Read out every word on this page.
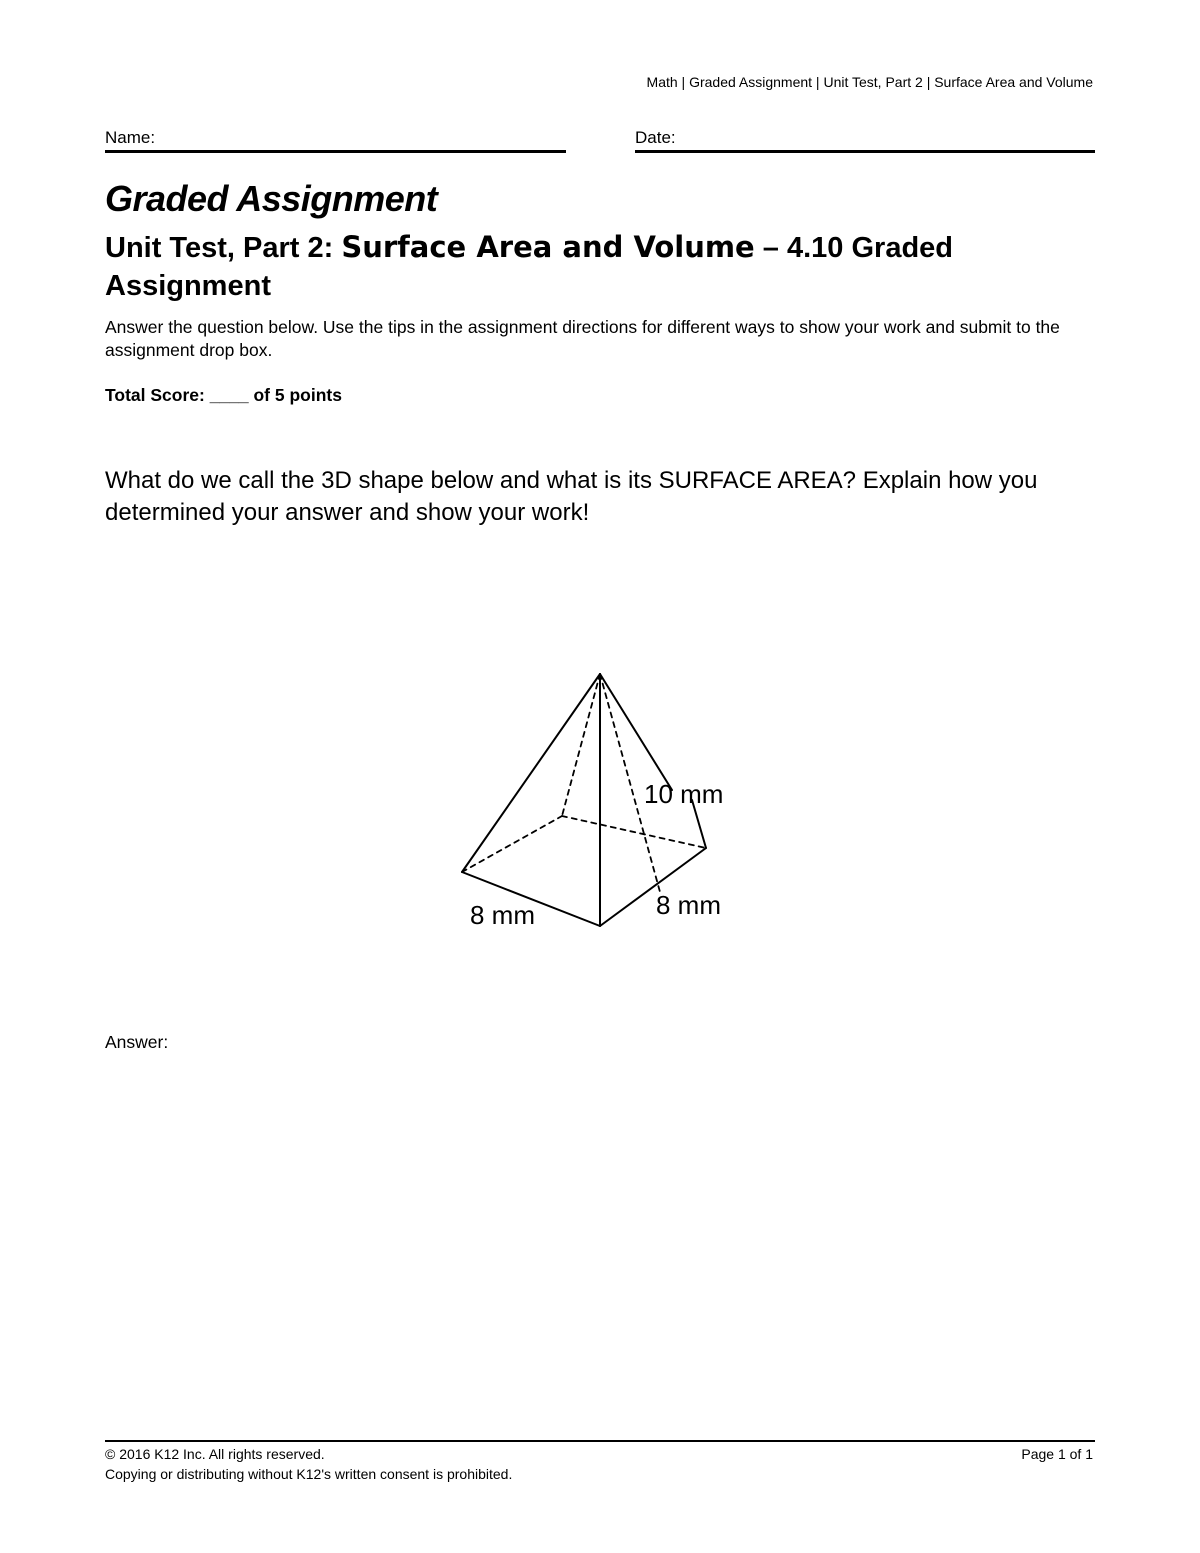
Math | Graded Assignment | Unit Test, Part 2 | Surface Area and Volume
Name:	Date:
Graded Assignment
Unit Test, Part 2: Surface Area and Volume – 4.10 Graded Assignment

Answer the question below. Use the tips in the assignment directions for different ways to show your work and submit to the assignment drop box.

Total Score: ____ of 5 points

What do we call the 3D shape below and what is its SURFACE AREA? Explain how you determined your answer and show your work!

10 mm
8 mm	8 mm

Answer:

© 2016 K12 Inc. All rights reserved.
Copying or distributing without K12's written consent is prohibited.
Page 1 of 1
